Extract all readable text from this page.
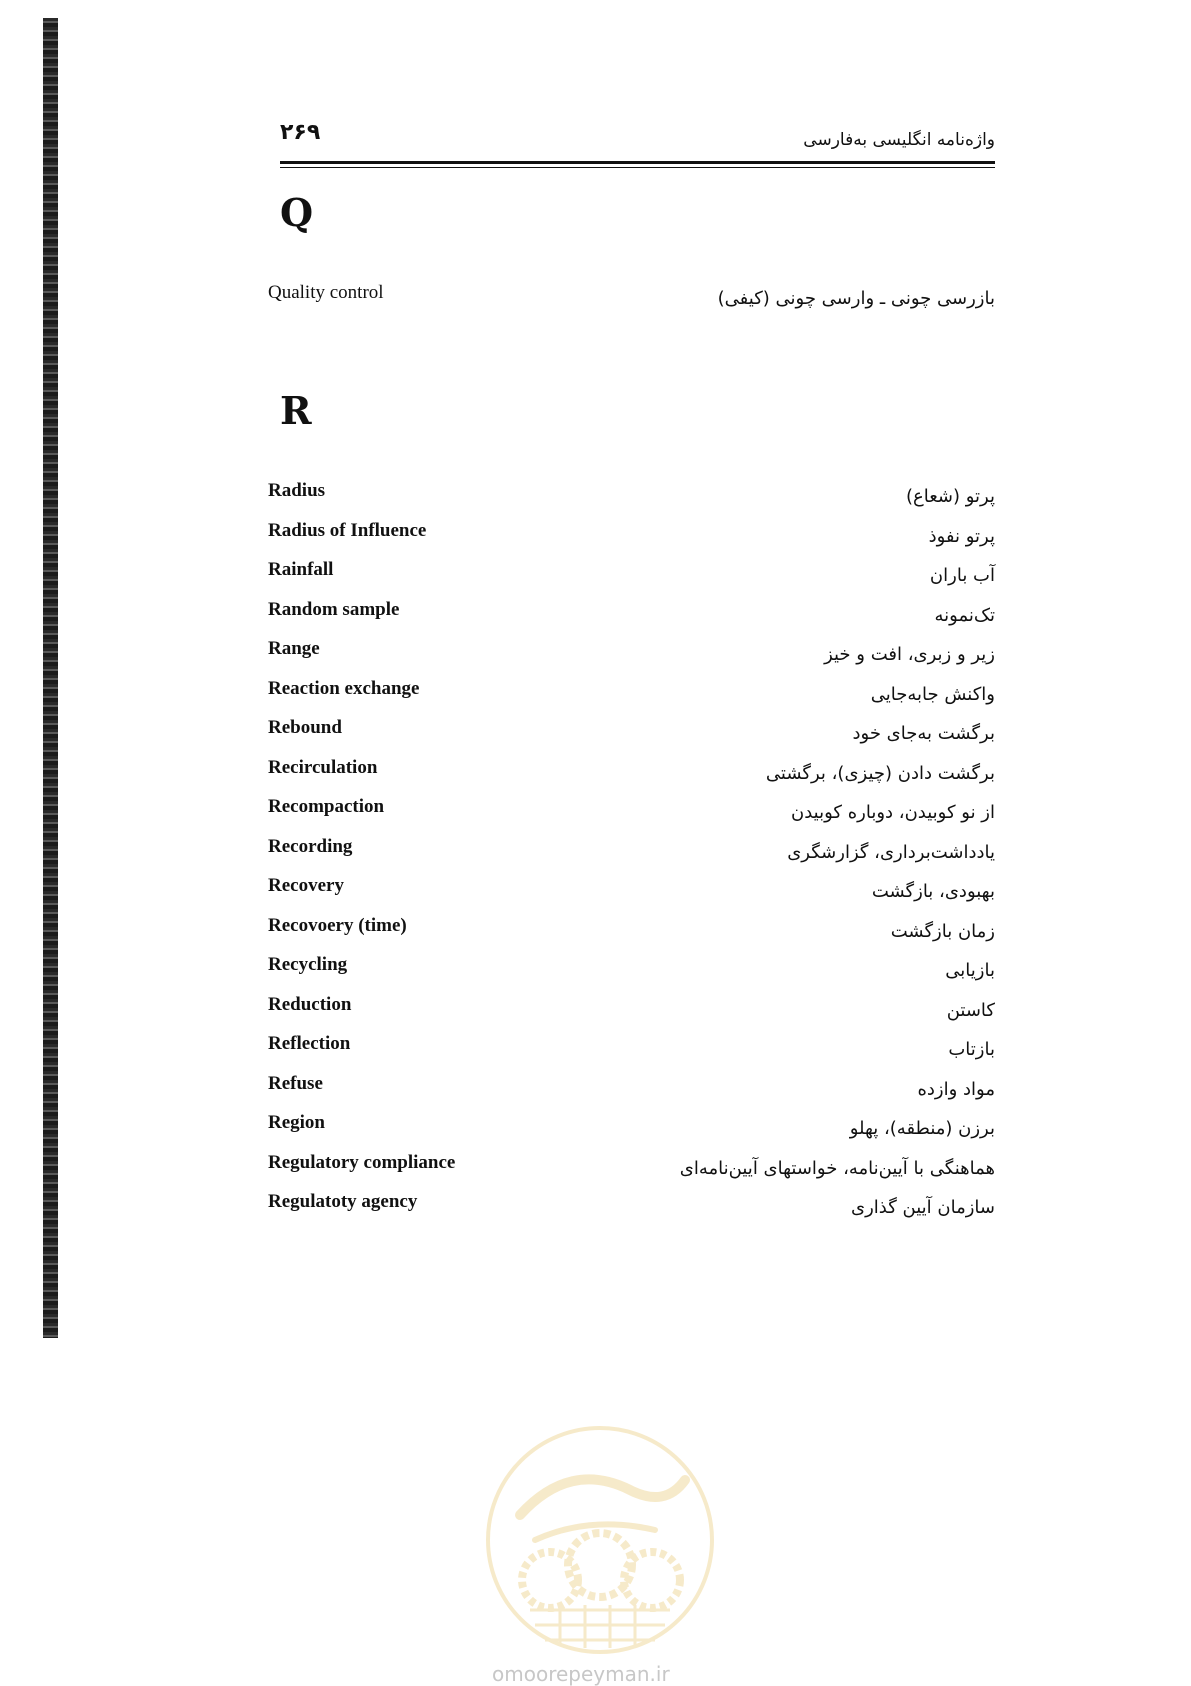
۲۶۹	واژه‌نامه انگلیسی به‌فارسی
Q
Quality control	بازرسی چونی ـ وارسی چونی (کیفی)
R
Radius	پرتو (شعاع)
Radius of Influence	پرتو نفوذ
Rainfall	آب باران
Random sample	تک‌نمونه
Range	زیر و زبری، افت و خیز
Reaction exchange	واکنش جابه‌جایی
Rebound	برگشت به‌جای خود
Recirculation	برگشت دادن (چیزی)، برگشتی
Recompaction	از نو کوبیدن، دوباره کوبیدن
Recording	یادداشت‌برداری، گزارشگری
Recovery	بهبودی، بازگشت
Recovoery (time)	زمان بازگشت
Recycling	بازیابی
Reduction	کاستن
Reflection	بازتاب
Refuse	مواد وازده
Region	برزن (منطقه)، پهلو
Regulatory compliance	هماهنگی با آیین‌نامه، خواستهای آیین‌نامه‌ای
Regulatoty agency	سازمان آیین گذاری
omoorepeyman.ir
